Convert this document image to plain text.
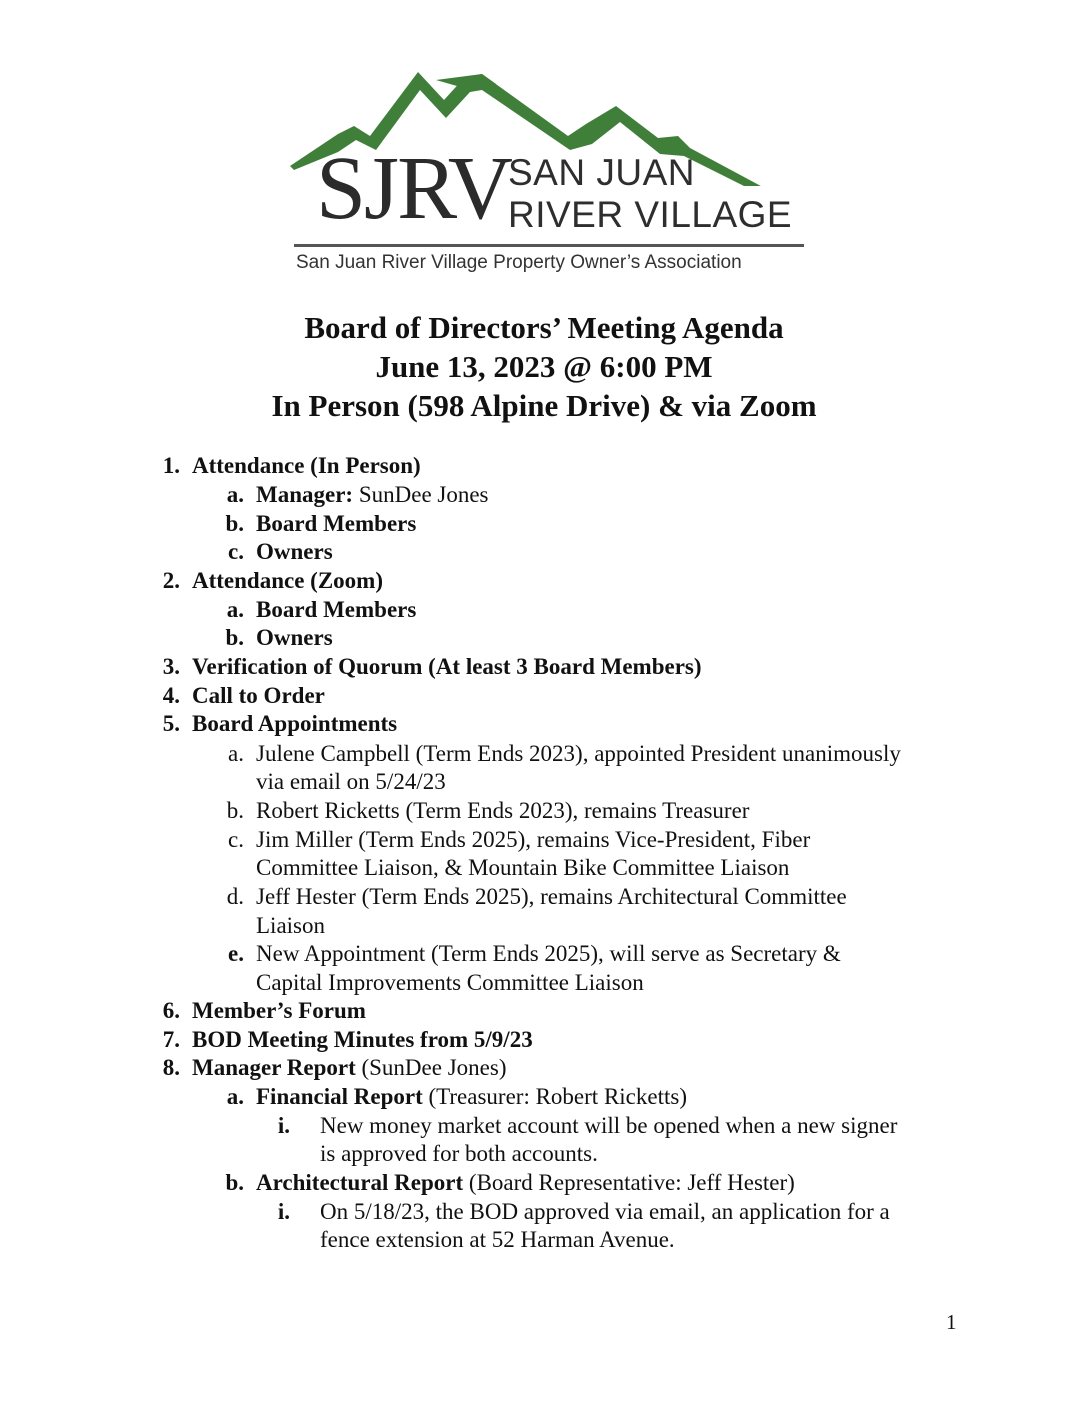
SJRV
SAN JUAN
RIVER VILLAGE
San Juan River Village Property Owner’s Association
Board of Directors’ Meeting Agenda
June 13, 2023 @ 6:00 PM
In Person (598 Alpine Drive) & via Zoom
1. Attendance (In Person)
a. Manager: SunDee Jones
b. Board Members
c. Owners
2. Attendance (Zoom)
a. Board Members
b. Owners
3. Verification of Quorum (At least 3 Board Members)
4. Call to Order
5. Board Appointments
a. Julene Campbell (Term Ends 2023), appointed President unanimously
via email on 5/24/23
b. Robert Ricketts (Term Ends 2023), remains Treasurer
c. Jim Miller (Term Ends 2025), remains Vice-President, Fiber
Committee Liaison, & Mountain Bike Committee Liaison
d. Jeff Hester (Term Ends 2025), remains Architectural Committee
Liaison
e. New Appointment (Term Ends 2025), will serve as Secretary &
Capital Improvements Committee Liaison
6. Member’s Forum
7. BOD Meeting Minutes from 5/9/23
8. Manager Report (SunDee Jones)
a. Financial Report (Treasurer: Robert Ricketts)
i. New money market account will be opened when a new signer
is approved for both accounts.
b. Architectural Report (Board Representative: Jeff Hester)
i. On 5/18/23, the BOD approved via email, an application for a
fence extension at 52 Harman Avenue.
1
